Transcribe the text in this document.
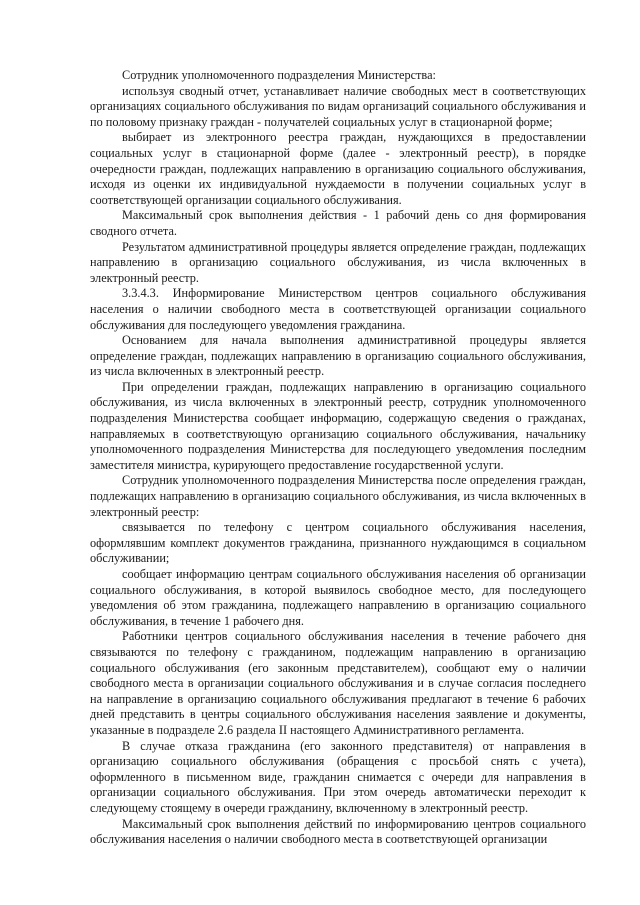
Сотрудник уполномоченного подразделения Министерства:

используя сводный отчет, устанавливает наличие свободных мест в соответствующих организациях социального обслуживания по видам организаций социального обслуживания и по половому признаку граждан - получателей социальных услуг в стационарной форме;

выбирает из электронного реестра граждан, нуждающихся в предоставлении социальных услуг в стационарной форме (далее - электронный реестр), в порядке очередности граждан, подлежащих направлению в организацию социального обслуживания, исходя из оценки их индивидуальной нуждаемости в получении социальных услуг в соответствующей организации социального обслуживания.

Максимальный срок выполнения действия - 1 рабочий день со дня формирования сводного отчета.

Результатом административной процедуры является определение граждан, подлежащих направлению в организацию социального обслуживания, из числа включенных в электронный реестр.

3.3.4.3. Информирование Министерством центров социального обслуживания населения о наличии свободного места в соответствующей организации социального обслуживания для последующего уведомления гражданина.

Основанием для начала выполнения административной процедуры является определение граждан, подлежащих направлению в организацию социального обслуживания, из числа включенных в электронный реестр.

При определении граждан, подлежащих направлению в организацию социального обслуживания, из числа включенных в электронный реестр, сотрудник уполномоченного подразделения Министерства сообщает информацию, содержащую сведения о гражданах, направляемых в соответствующую организацию социального обслуживания, начальнику уполномоченного подразделения Министерства для последующего уведомления последним заместителя министра, курирующего предоставление государственной услуги.

Сотрудник уполномоченного подразделения Министерства после определения граждан, подлежащих направлению в организацию социального обслуживания, из числа включенных в электронный реестр:

связывается по телефону с центром социального обслуживания населения, оформлявшим комплект документов гражданина, признанного нуждающимся в социальном обслуживании;

сообщает информацию центрам социального обслуживания населения об организации социального обслуживания, в которой выявилось свободное место, для последующего уведомления об этом гражданина, подлежащего направлению в организацию социального обслуживания, в течение 1 рабочего дня.

Работники центров социального обслуживания населения в течение рабочего дня связываются по телефону с гражданином, подлежащим направлению в организацию социального обслуживания (его законным представителем), сообщают ему о наличии свободного места в организации социального обслуживания и в случае согласия последнего на направление в организацию социального обслуживания предлагают в течение 6 рабочих дней представить в центры социального обслуживания населения заявление и документы, указанные в подразделе 2.6 раздела II настоящего Административного регламента.

В случае отказа гражданина (его законного представителя) от направления в организацию социального обслуживания (обращения с просьбой снять с учета), оформленного в письменном виде, гражданин снимается с очереди для направления в организации социального обслуживания. При этом очередь автоматически переходит к следующему стоящему в очереди гражданину, включенному в электронный реестр.

Максимальный срок выполнения действий по информированию центров социального обслуживания населения о наличии свободного места в соответствующей организации
